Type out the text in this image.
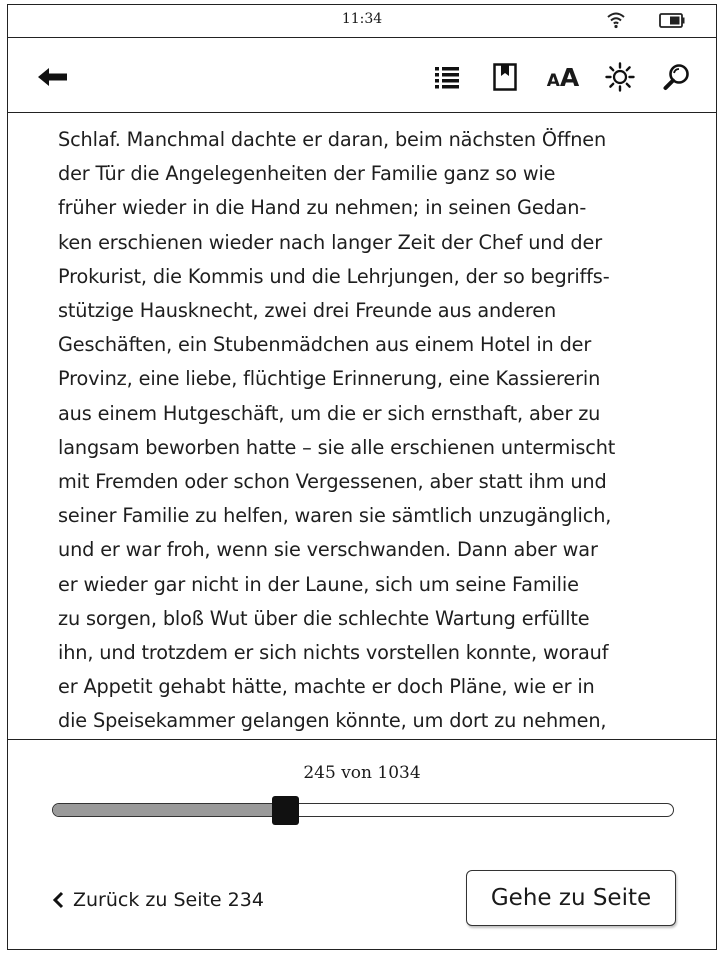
11:34
AA

Schlaf. Manchmal dachte er daran, beim nächsten Öffnen
der Tür die Angelegenheiten der Familie ganz so wie
früher wieder in die Hand zu nehmen; in seinen Gedan-
ken erschienen wieder nach langer Zeit der Chef und der
Prokurist, die Kommis und die Lehrjungen, der so begriffs-
stützige Hausknecht, zwei drei Freunde aus anderen
Geschäften, ein Stubenmädchen aus einem Hotel in der
Provinz, eine liebe, flüchtige Erinnerung, eine Kassiererin
aus einem Hutgeschäft, um die er sich ernsthaft, aber zu
langsam beworben hatte – sie alle erschienen untermischt
mit Fremden oder schon Vergessenen, aber statt ihm und
seiner Familie zu helfen, waren sie sämtlich unzugänglich,
und er war froh, wenn sie verschwanden. Dann aber war
er wieder gar nicht in der Laune, sich um seine Familie
zu sorgen, bloß Wut über die schlechte Wartung erfüllte
ihn, und trotzdem er sich nichts vorstellen konnte, worauf
er Appetit gehabt hätte, machte er doch Pläne, wie er in
die Speisekammer gelangen könnte, um dort zu nehmen,

245 von 1034
Zurück zu Seite 234	Gehe zu Seite
